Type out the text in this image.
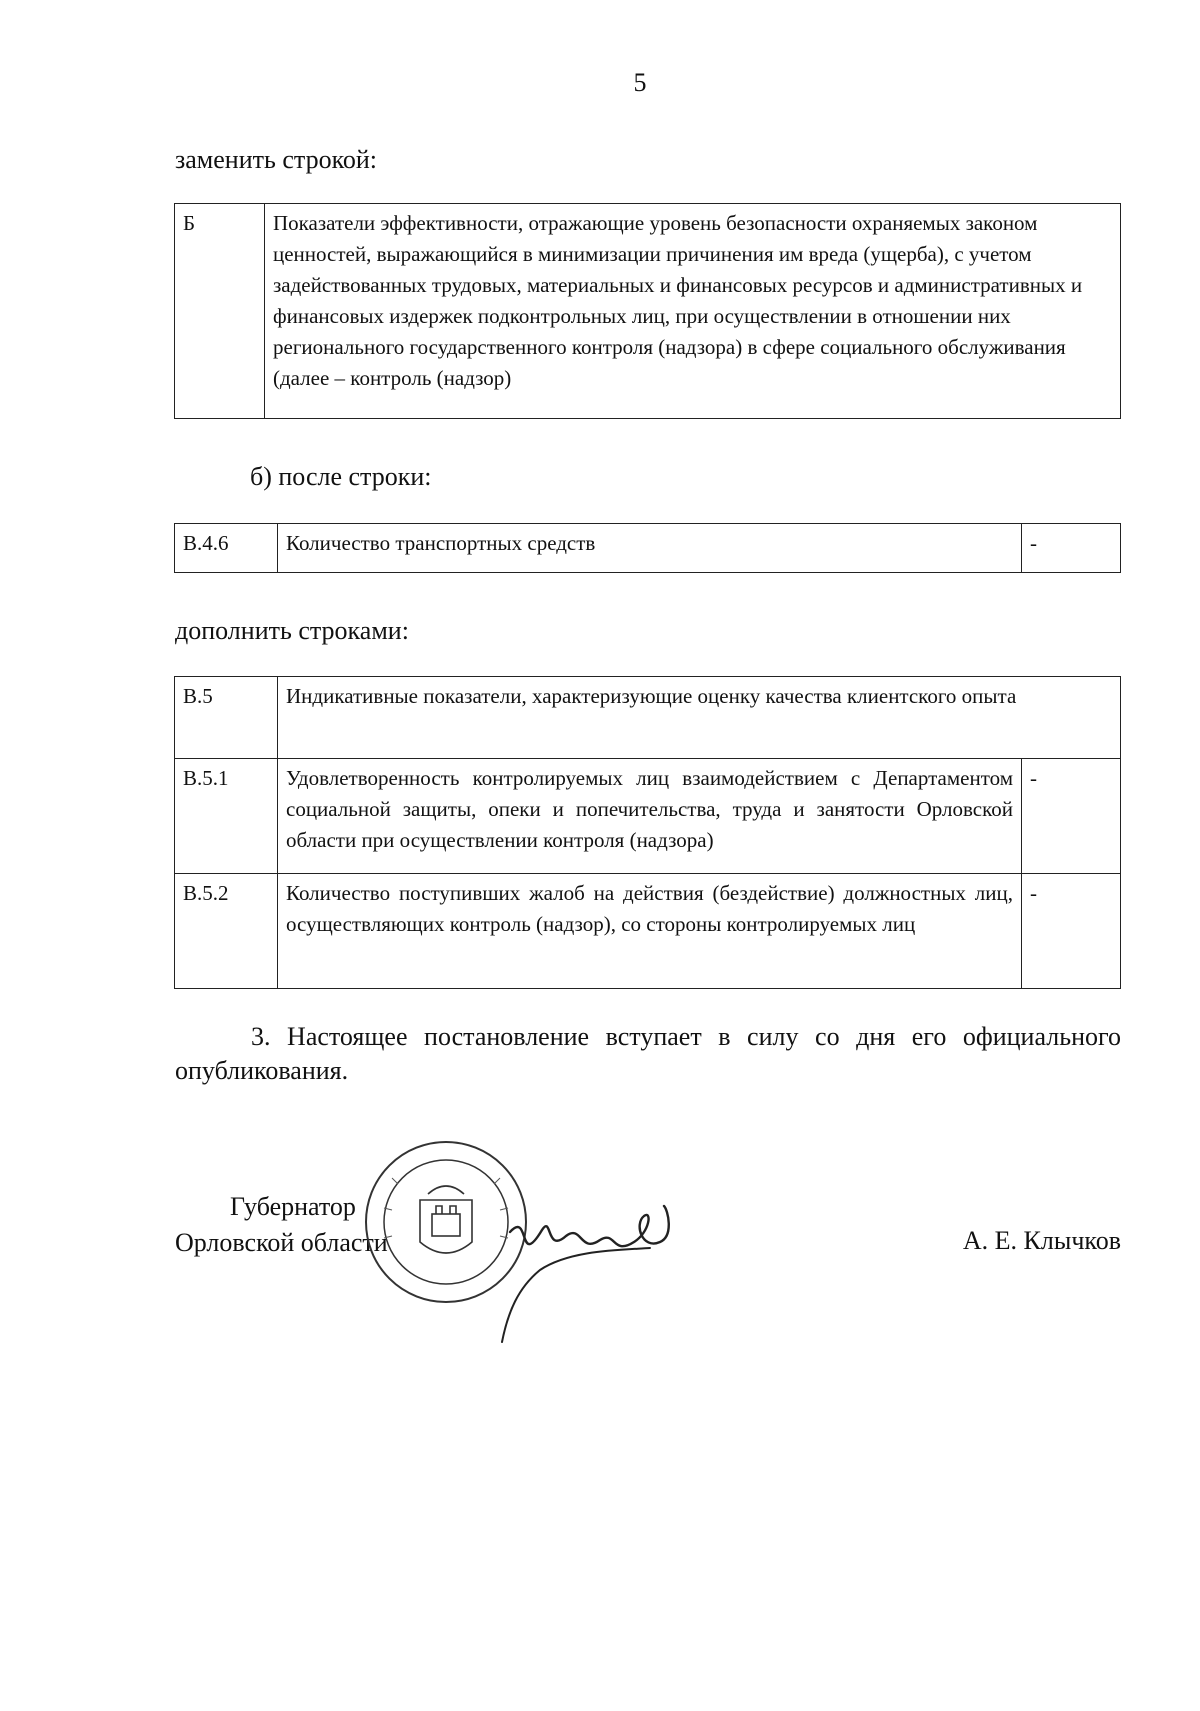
5
заменить строкой:
Б	Показатели эффективности, отражающие уровень безопасности охраняемых законом ценностей, выражающийся в минимизации причинения им вреда (ущерба), с учетом задействованных трудовых, материальных и финансовых ресурсов и административных и финансовых издержек подконтрольных лиц, при осуществлении в отношении них регионального государственного контроля (надзора) в сфере социального обслуживания (далее – контроль (надзор)
б) после строки:
В.4.6	Количество транспортных средств	-
дополнить строками:
В.5	Индикативные показатели, характеризующие оценку качества клиентского опыта	
В.5.1	Удовлетворенность контролируемых лиц взаимодействием с Департаментом социальной защиты, опеки и попечительства, труда и занятости Орловской области при осуществлении контроля (надзора)	-
В.5.2	Количество поступивших жалоб на действия (бездействие) должностных лиц, осуществляющих контроль (надзор), со стороны контролируемых лиц	-
3. Настоящее постановление вступает в силу со дня его официального опубликования.
Губернатор
Орловской области	А. Е. Клычков
